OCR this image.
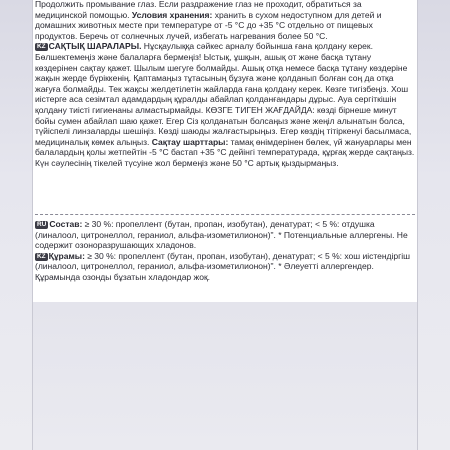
Продолжить промывание глаз. Если раздражение глаз не проходит, обратиться за медицинской помощью. Условия хранения: хранить в сухом недоступном для детей и домашних животных месте при температуре от -5 °С до +35 °С отдельно от пищевых продуктов. Беречь от солнечных лучей, избегать нагревания более 50 °С.

KZ САҚТЫҚ ШАРАЛАРЫ. Нұсқаулыққа сәйкес арналу бойынша ғана қолдану керек. Бөлшектемеңіз және балаларға бермеңіз! Ыстық, ұшқын, ашық от және басқа тұтану көздерінен сақтау қажет. Шылым шегуге болмайды. Ашық отқа немесе басқа тұтану көздеріне жақын жерде бүріккенің. Қаптамаңыз тұтасының бұзуға және қолданып болған соң да отқа жағуға болмайды. Тек жақсы желдетілетін жайларда ғана қолдану керек. Көзге тигізбеңіз. Хош иістерге аса сезімтал адамдардың құралды абайлап қолданғандары дұрыс. Ауа сергіткішін қолдану тиісті гигиенаны алмастырмайды. КӨЗГЕ ТИГЕН ЖАҒДАЙДА: көзді бірнеше минут бойы сумен абайлап шаю қажет. Егер Сіз қолданатын болсаңыз және жеңіл алынатын болса, түйіспелі линзаларды шешіңіз. Көзді шаюды жалғастырыңыз. Егер көздің тітіркенуі басылмаса, медициналық көмек алыңыз. Сақтау шарттары: тамақ өнімдерінен бөлек, үй жануарлары мен балалардың қолы жетпейтін -5 °С бастап +35 °С дейінгі температурада, құрғақ жерде сақтаңыз. Күн сәулесінің тікелей түсуіне жол бермеңіз және 50 °С артық қыздырмаңыз.

RU Состав: ≥ 30 %: пропеллент (бутан, пропан, изобутан), денатурат; < 5 %: отдушка (линалоол, цитронеллол, гераниол, альфа-изометилионон)". * Потенциальные аллергены. Не содержит озоноразрушающих хладонов.

KZ Құрамы: ≥ 30 %: пропеллент (бутан, пропан, изобутан), денатурат; < 5 %: хош иістендіргіш (линалоол, цитронеллол, гераниол, альфа-изометилионон)". * Әлеуетті аллергендер. Құрамында озонды бұзатын хладондар жоқ.
